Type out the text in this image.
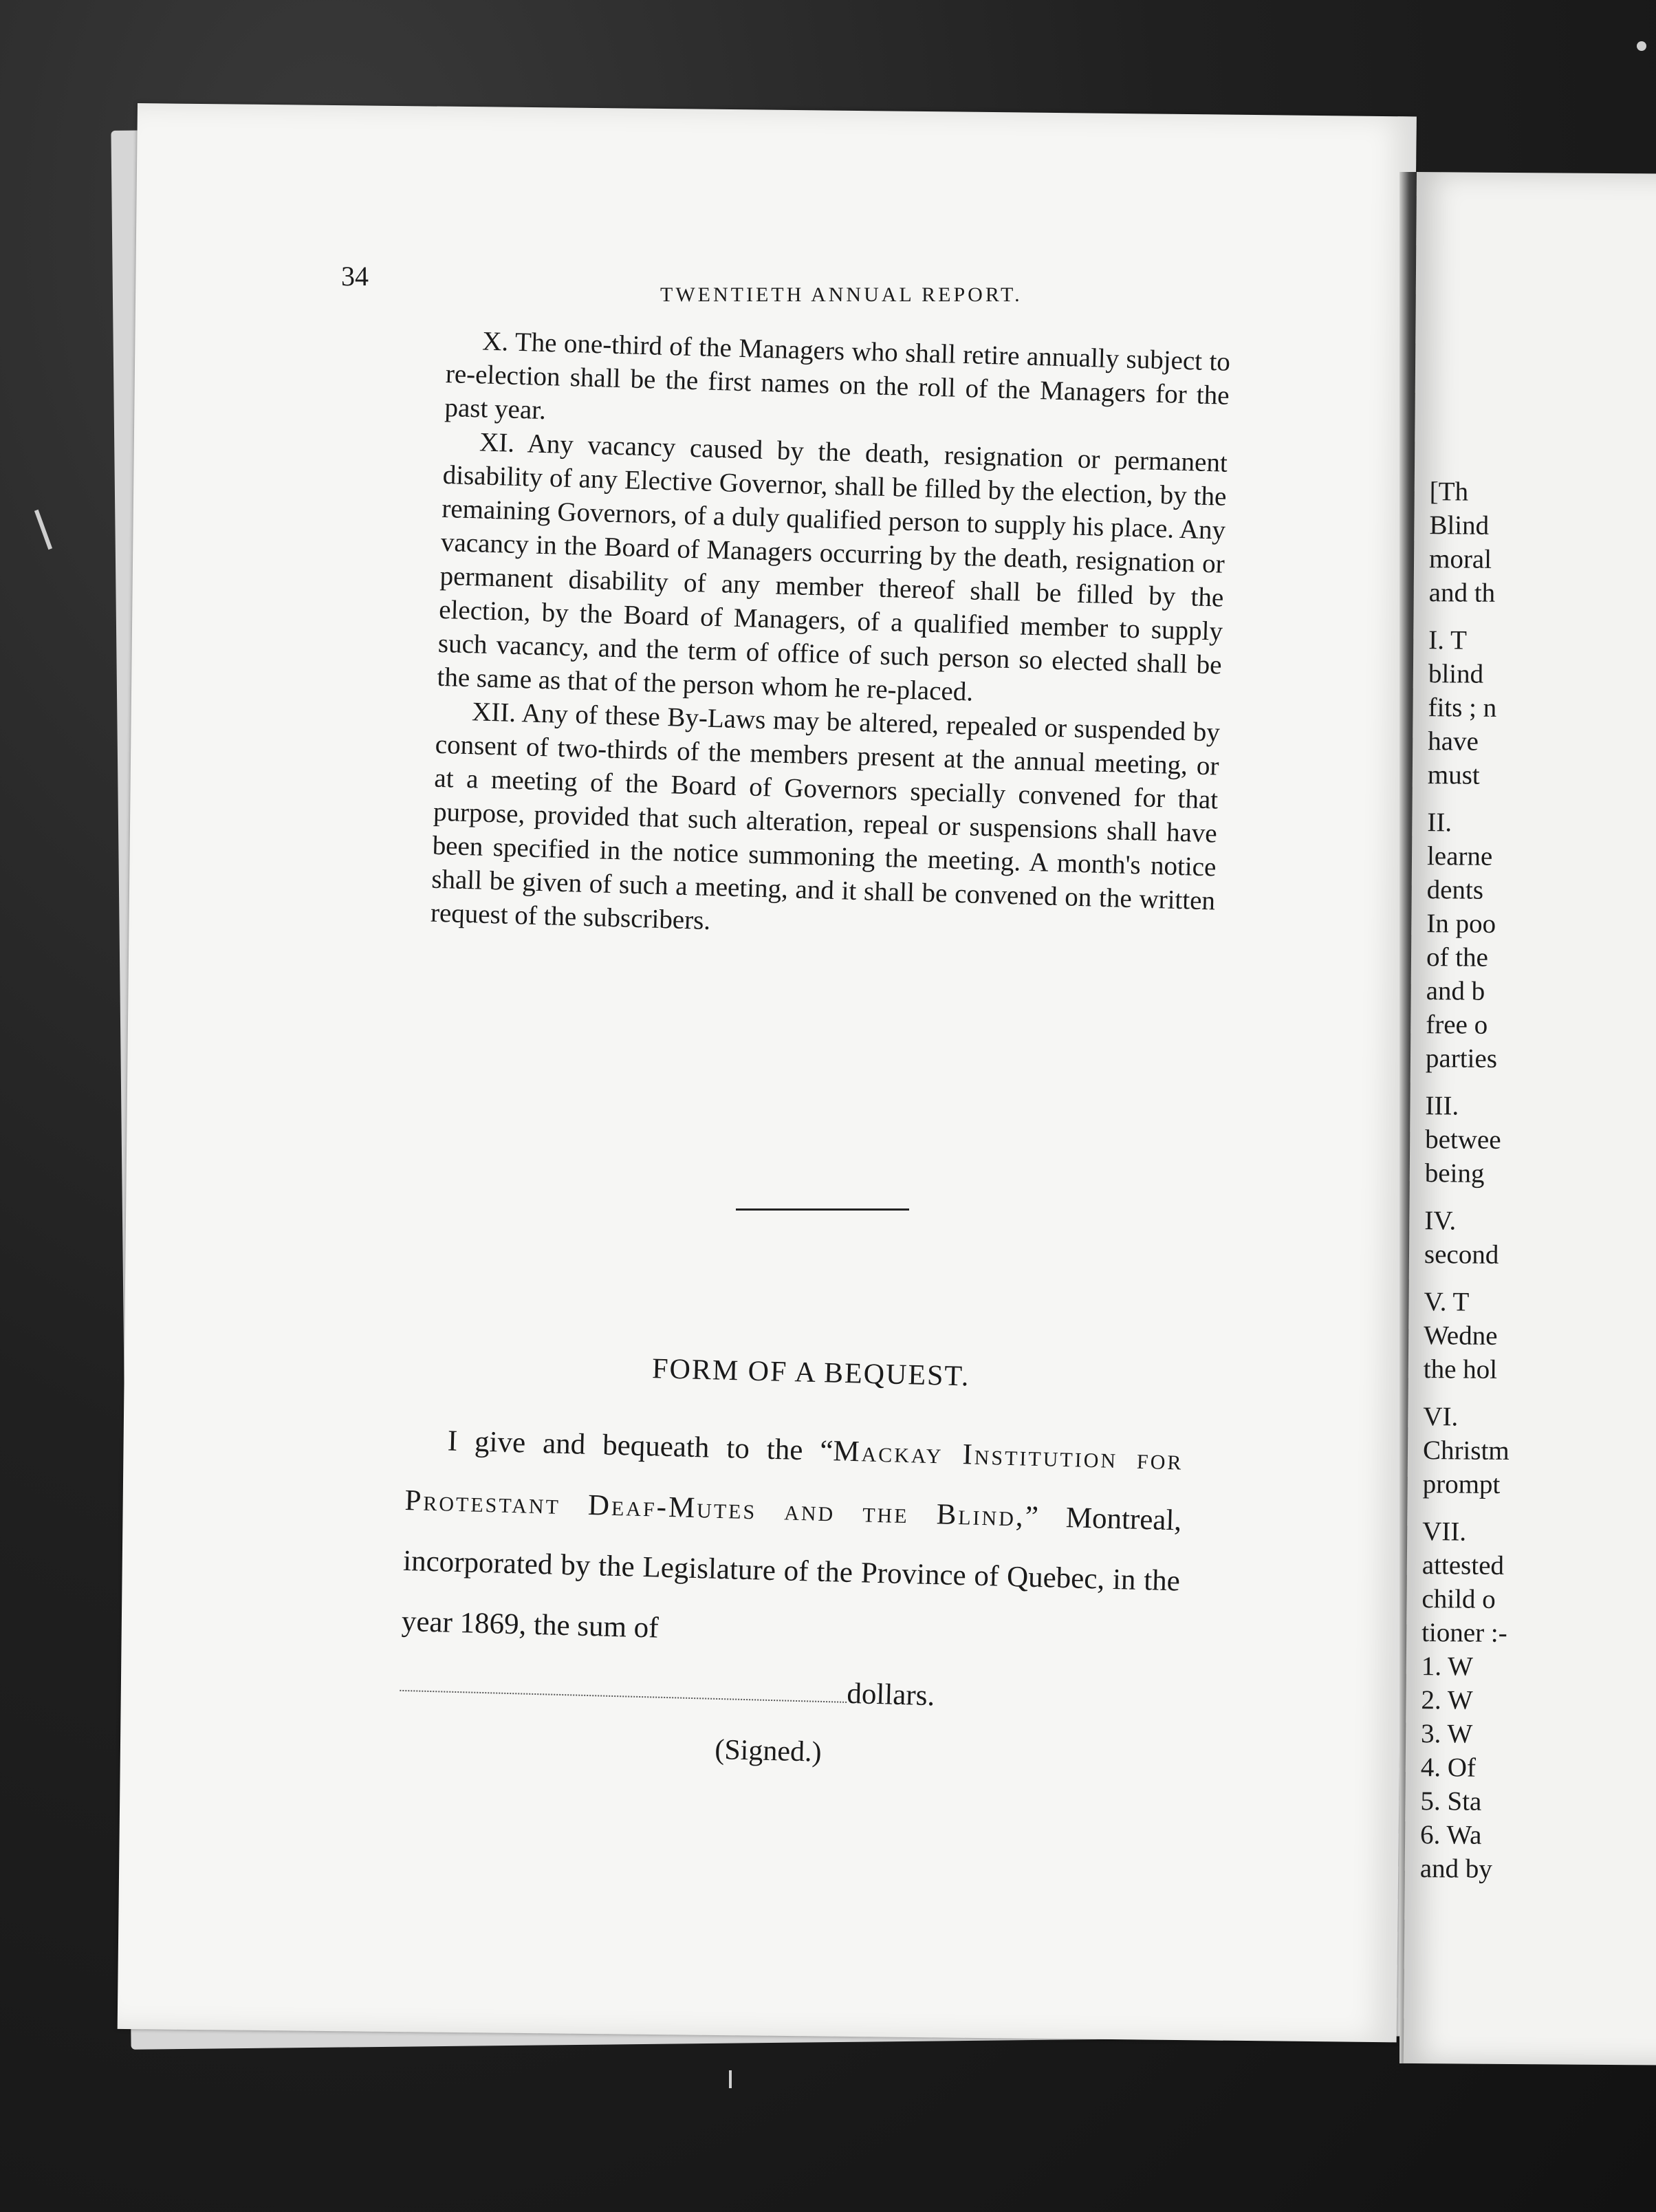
34
TWENTIETH ANNUAL REPORT.

X. The one-third of the Managers who shall retire annually subject to re-election shall be the first names on the roll of the Managers for the past year.

XI. Any vacancy caused by the death, resignation or permanent disability of any Elective Governor, shall be filled by the election, by the remaining Governors, of a duly qualified person to supply his place. Any vacancy in the Board of Managers occurring by the death, resignation or permanent disability of any member thereof shall be filled by the election, by the Board of Managers, of a qualified member to supply such vacancy, and the term of office of such person so elected shall be the same as that of the person whom he re-placed.

XII. Any of these By-Laws may be altered, repealed or suspended by consent of two-thirds of the members present at the annual meeting, or at a meeting of the Board of Governors specially convened for that purpose, provided that such alteration, repeal or suspensions shall have been specified in the notice summoning the meeting. A month's notice shall be given of such a meeting, and it shall be convened on the written request of the subscribers.

FORM OF A BEQUEST.

I give and bequeath to the “Mackay Institution for Protestant Deaf-Mutes and the Blind,” Montreal, incorporated by the Legislature of the Province of Quebec, in the year 1869, the sum of
dollars.

(Signed.)
[Th
Blind
moral
and th
I. T
blind
fits ; n
have
must
II.
learne
dents
In poo
of the
and b
free o
parties
III.
betwee
being
IV.
second
V. T
Wedne
the hol
VI.
Christm
prompt
VII.
attested
child o
tioner :-
1. W
2. W
3. W
4. Of
5. Sta
6. Wa
and by
